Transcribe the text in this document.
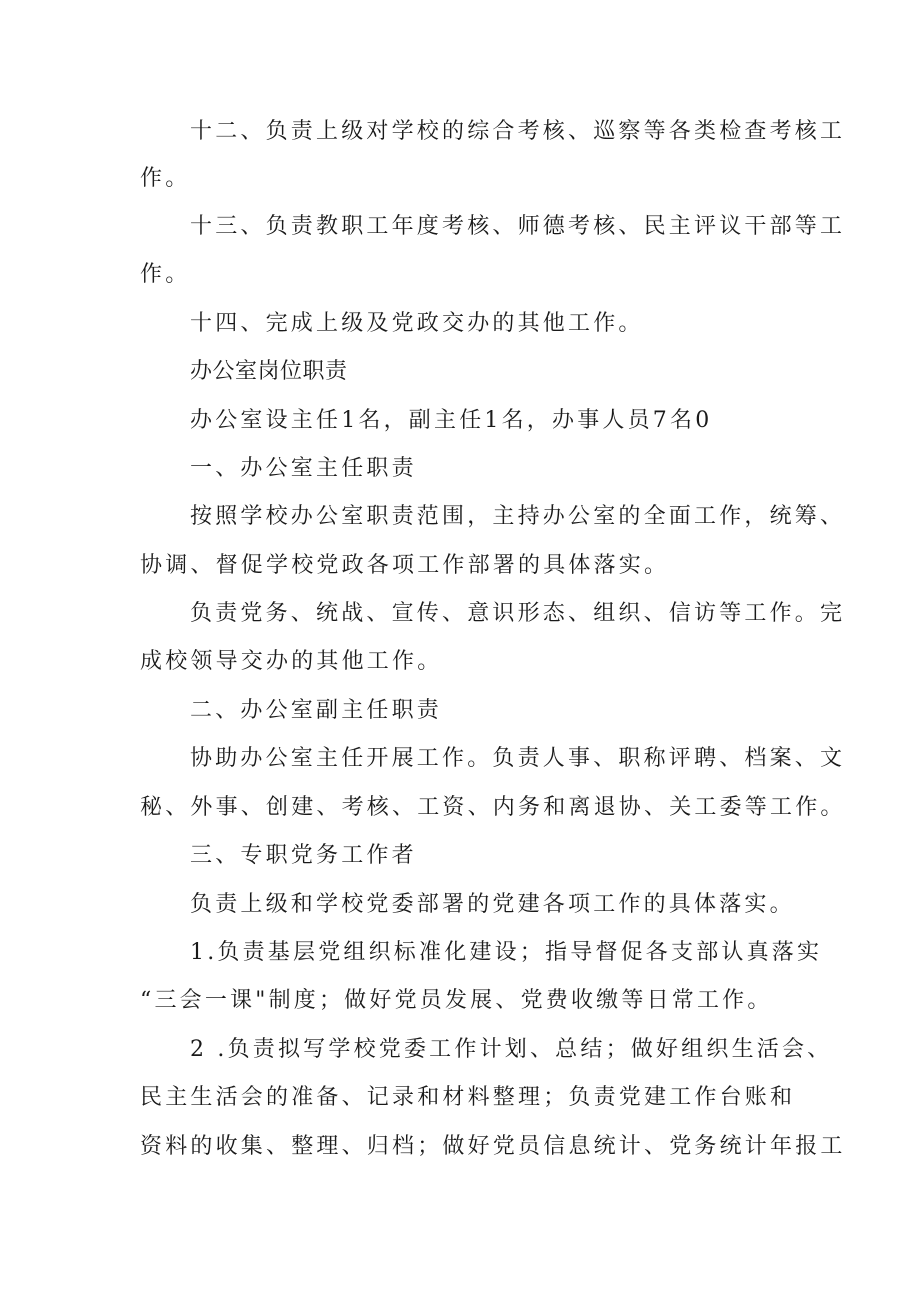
十二、负责上级对学校的综合考核、巡察等各类检查考核工
作。
十三、负责教职工年度考核、师德考核、民主评议干部等工
作。
十四、完成上级及党政交办的其他工作。
办公室岗位职责
办公室设主任1名，副主任1名，办事人员7名0
一、办公室主任职责
按照学校办公室职责范围，主持办公室的全面工作，统筹、
协调、督促学校党政各项工作部署的具体落实。
负责党务、统战、宣传、意识形态、组织、信访等工作。完
成校领导交办的其他工作。
二、办公室副主任职责
协助办公室主任开展工作。负责人事、职称评聘、档案、文
秘、外事、创建、考核、工资、内务和离退协、关工委等工作。
三、专职党务工作者
负责上级和学校党委部署的党建各项工作的具体落实。
1.负责基层党组织标准化建设；指导督促各支部认真落实
“三会一课"制度；做好党员发展、党费收缴等日常工作。
2 .负责拟写学校党委工作计划、总结；做好组织生活会、
民主生活会的准备、记录和材料整理；负责党建工作台账和
资料的收集、整理、归档；做好党员信息统计、党务统计年报工
